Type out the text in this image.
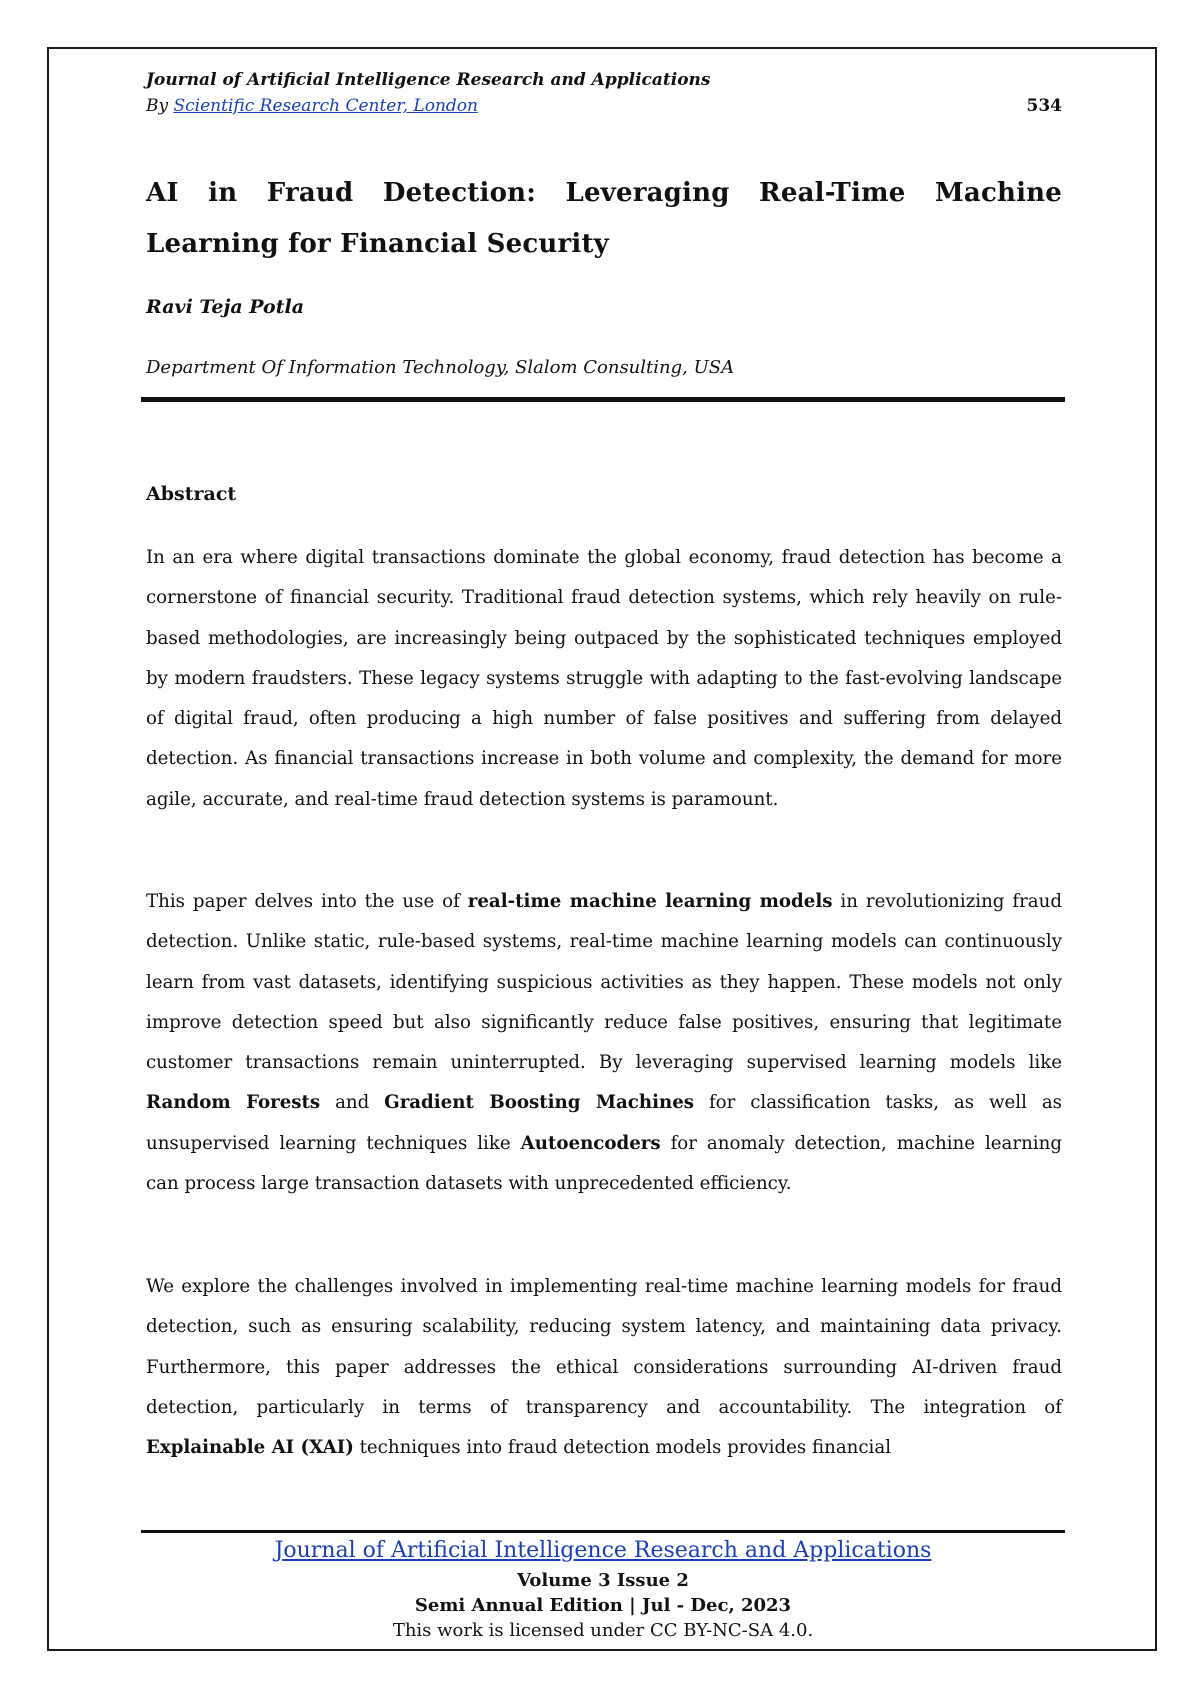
Journal of Artificial Intelligence Research and Applications
By Scientific Research Center, London	534
AI in Fraud Detection: Leveraging Real-Time Machine Learning for Financial Security
Ravi Teja Potla
Department Of Information Technology, Slalom Consulting, USA
Abstract
In an era where digital transactions dominate the global economy, fraud detection has become a cornerstone of financial security. Traditional fraud detection systems, which rely heavily on rule-based methodologies, are increasingly being outpaced by the sophisticated techniques employed by modern fraudsters. These legacy systems struggle with adapting to the fast-evolving landscape of digital fraud, often producing a high number of false positives and suffering from delayed detection. As financial transactions increase in both volume and complexity, the demand for more agile, accurate, and real-time fraud detection systems is paramount.
This paper delves into the use of real-time machine learning models in revolutionizing fraud detection. Unlike static, rule-based systems, real-time machine learning models can continuously learn from vast datasets, identifying suspicious activities as they happen. These models not only improve detection speed but also significantly reduce false positives, ensuring that legitimate customer transactions remain uninterrupted. By leveraging supervised learning models like Random Forests and Gradient Boosting Machines for classification tasks, as well as unsupervised learning techniques like Autoencoders for anomaly detection, machine learning can process large transaction datasets with unprecedented efficiency.
We explore the challenges involved in implementing real-time machine learning models for fraud detection, such as ensuring scalability, reducing system latency, and maintaining data privacy. Furthermore, this paper addresses the ethical considerations surrounding AI-driven fraud detection, particularly in terms of transparency and accountability. The integration of Explainable AI (XAI) techniques into fraud detection models provides financial
Journal of Artificial Intelligence Research and Applications
Volume 3 Issue 2
Semi Annual Edition | Jul - Dec, 2023
This work is licensed under CC BY-NC-SA 4.0.
